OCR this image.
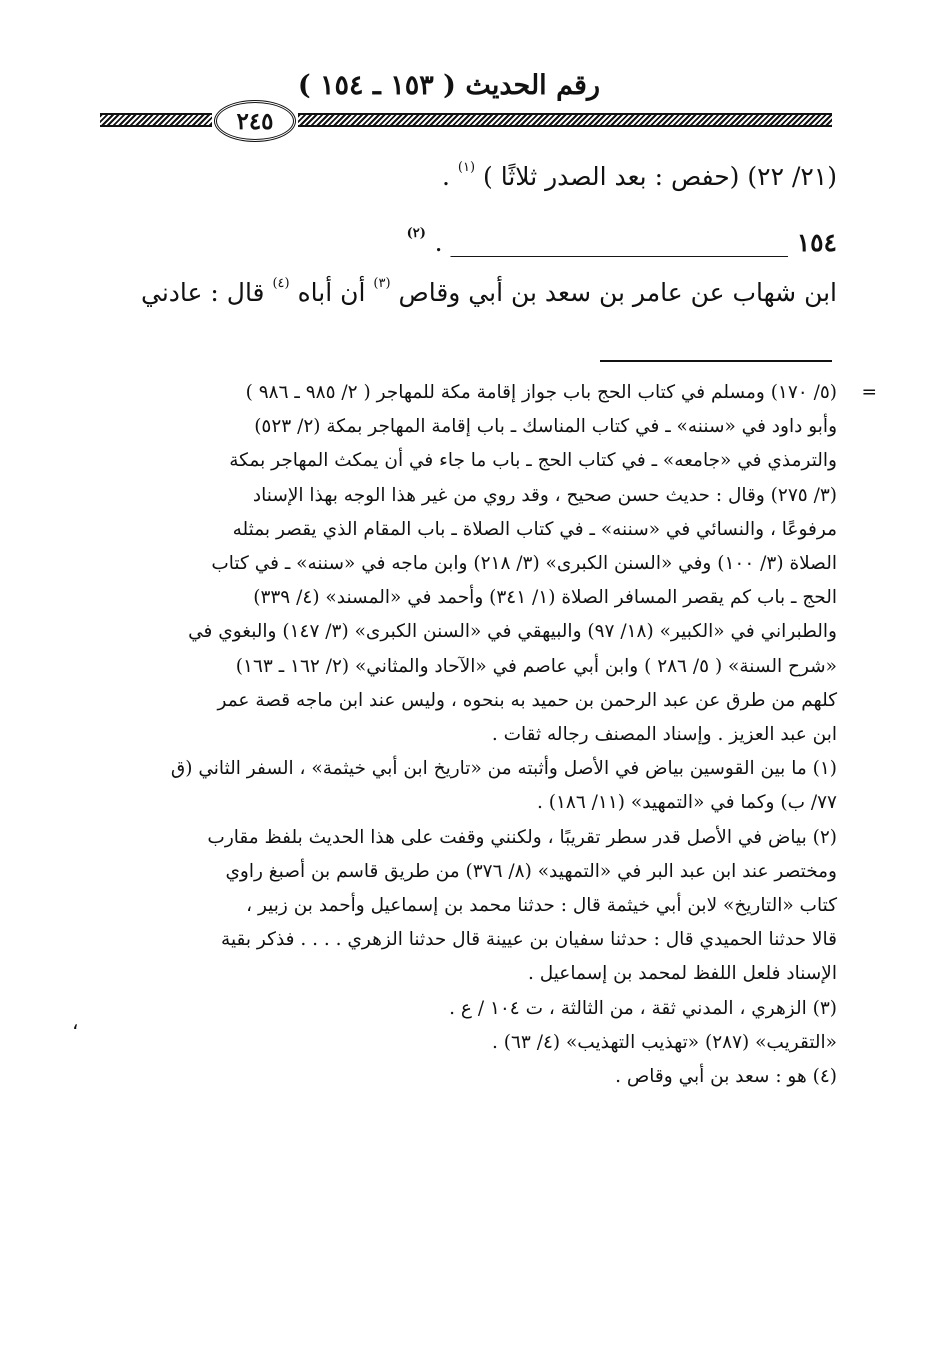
رقم الحديث ( ١٥٣ ـ ١٥٤ )
٢٤٥
(٢١/ ٢٢) (حفص : بعد الصدر ثلاثًا ) $^{(١)}$ .
١٥٤ ___________________________ . $^{(٢)}$
ابن شهاب عن عامر بن سعد بن أبي وقاص $^{(٣)}$ أن أباه $^{(٤)}$ قال : عادني
=
(٥/ ١٧٠) ومسلم في كتاب الحج باب جواز إقامة مكة للمهاجر ( ٢/ ٩٨٥ ـ ٩٨٦ )
وأبو داود في «سننه» ـ في كتاب المناسك ـ باب إقامة المهاجر بمكة (٢/ ٥٢٣)
والترمذي في «جامعه» ـ في كتاب الحج ـ باب ما جاء في أن يمكث المهاجر بمكة
(٣/ ٢٧٥) وقال : حديث حسن صحيح ، وقد روي من غير هذا الوجه بهذا الإسناد
مرفوعًا ، والنسائي في «سننه» ـ في كتاب الصلاة ـ باب المقام الذي يقصر بمثله
الصلاة (٣/ ١٠٠) وفي «السنن الكبرى» (٣/ ٢١٨) وابن ماجه في «سننه» ـ في كتاب
الحج ـ باب كم يقصر المسافر الصلاة (١/ ٣٤١) وأحمد في «المسند» (٤/ ٣٣٩)
والطبراني في «الكبير» (١٨/ ٩٧) والبيهقي في «السنن الكبرى» (٣/ ١٤٧) والبغوي في
«شرح السنة» ( ٥/ ٢٨٦ ) وابن أبي عاصم في «الآحاد والمثاني» (٢/ ١٦٢ ـ ١٦٣)
كلهم من طرق عن عبد الرحمن بن حميد به بنحوه ، وليس عند ابن ماجه قصة عمر
ابن عبد العزيز . وإسناد المصنف رجاله ثقات .
(١) ما بين القوسين بياض في الأصل وأثبته من «تاريخ ابن أبي خيثمة» ، السفر الثاني (ق
٧٧/ ب) وكما في «التمهيد» (١١/ ١٨٦) .
(٢) بياض في الأصل قدر سطر تقريبًا ، ولكنني وقفت على هذا الحديث بلفظ مقارب
ومختصر عند ابن عبد البر في «التمهيد» (٨/ ٣٧٦) من طريق قاسم بن أصبغ راوي
كتاب «التاريخ» لابن أبي خيثمة قال : حدثنا محمد بن إسماعيل وأحمد بن زبير ،
قالا حدثنا الحميدي قال : حدثنا سفيان بن عيينة قال حدثنا الزهري . . . . فذكر بقية
الإسناد فلعل اللفظ لمحمد بن إسماعيل .
(٣) الزهري ، المدني ثقة ، من الثالثة ، ت ١٠٤ / ع .
«التقريب» (٢٨٧) «تهذيب التهذيب» (٤/ ٦٣) .
(٤) هو : سعد بن أبي وقاص .
،
